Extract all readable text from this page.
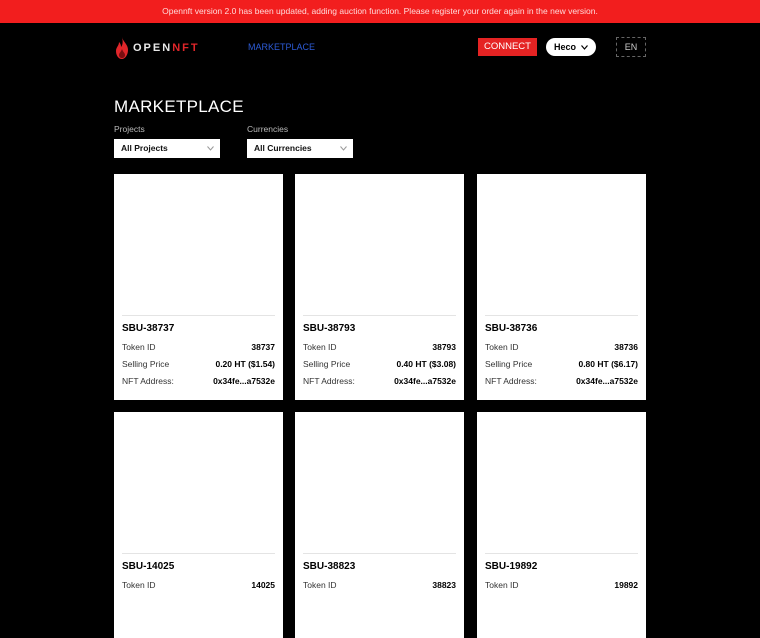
Opennft version 2.0 has been updated, adding auction function. Please register your order again in the new version.
OPENNFT	MARKETPLACE	CONNECT	Heco	EN
MARKETPLACE
Projects
All Projects
Currencies
All Currencies
SBU-38737
Token ID	38737
Selling Price	0.20 HT ($1.54)
NFT Address:	0x34fe...a7532e
SBU-38793
Token ID	38793
Selling Price	0.40 HT ($3.08)
NFT Address:	0x34fe...a7532e
SBU-38736
Token ID	38736
Selling Price	0.80 HT ($6.17)
NFT Address:	0x34fe...a7532e
SBU-14025
Token ID	14025
SBU-38823
Token ID	38823
SBU-19892
Token ID	19892
